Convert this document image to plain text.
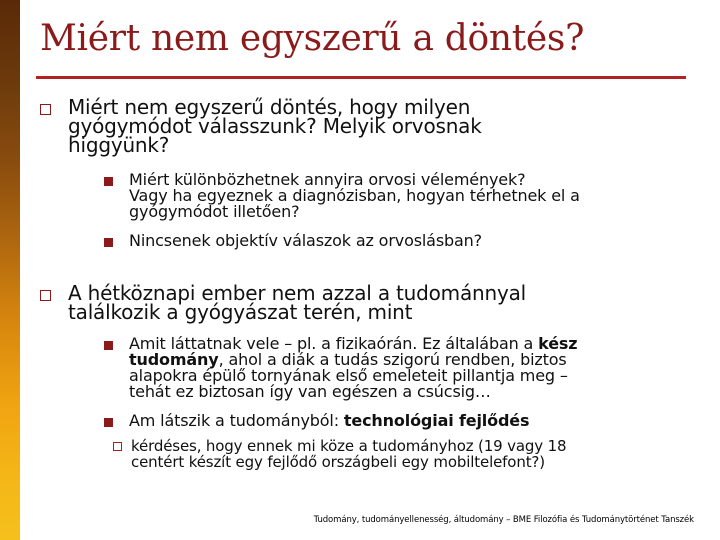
Miért nem egyszerű a döntés?
Miért nem egyszerű döntés, hogy milyen
gyógymódot válasszunk? Melyik orvosnak
higgyünk?
Miért különbözhetnek annyira orvosi vélemények?
Vagy ha egyeznek a diagnózisban, hogyan térhetnek el a
gyógymódot illetően?
Nincsenek objektív válaszok az orvoslásban?
A hétköznapi ember nem azzal a tudománnyal
találkozik a gyógyászat terén, mint
Amit láttatnak vele – pl. a fizikaórán. Ez általában a kész
tudomány, ahol a diák a tudás szigorú rendben, biztos
alapokra épülő tornyának első emeleteit pillantja meg –
tehát ez biztosan így van egészen a csúcsig…
Am látszik a tudományból: technológiai fejlődés
kérdéses, hogy ennek mi köze a tudományhoz (19 vagy 18
centért készít egy fejlődő országbeli egy mobiltelefont?)
Tudomány, tudományellenesség, áltudomány – BME Filozófia és Tudománytörténet Tanszék
